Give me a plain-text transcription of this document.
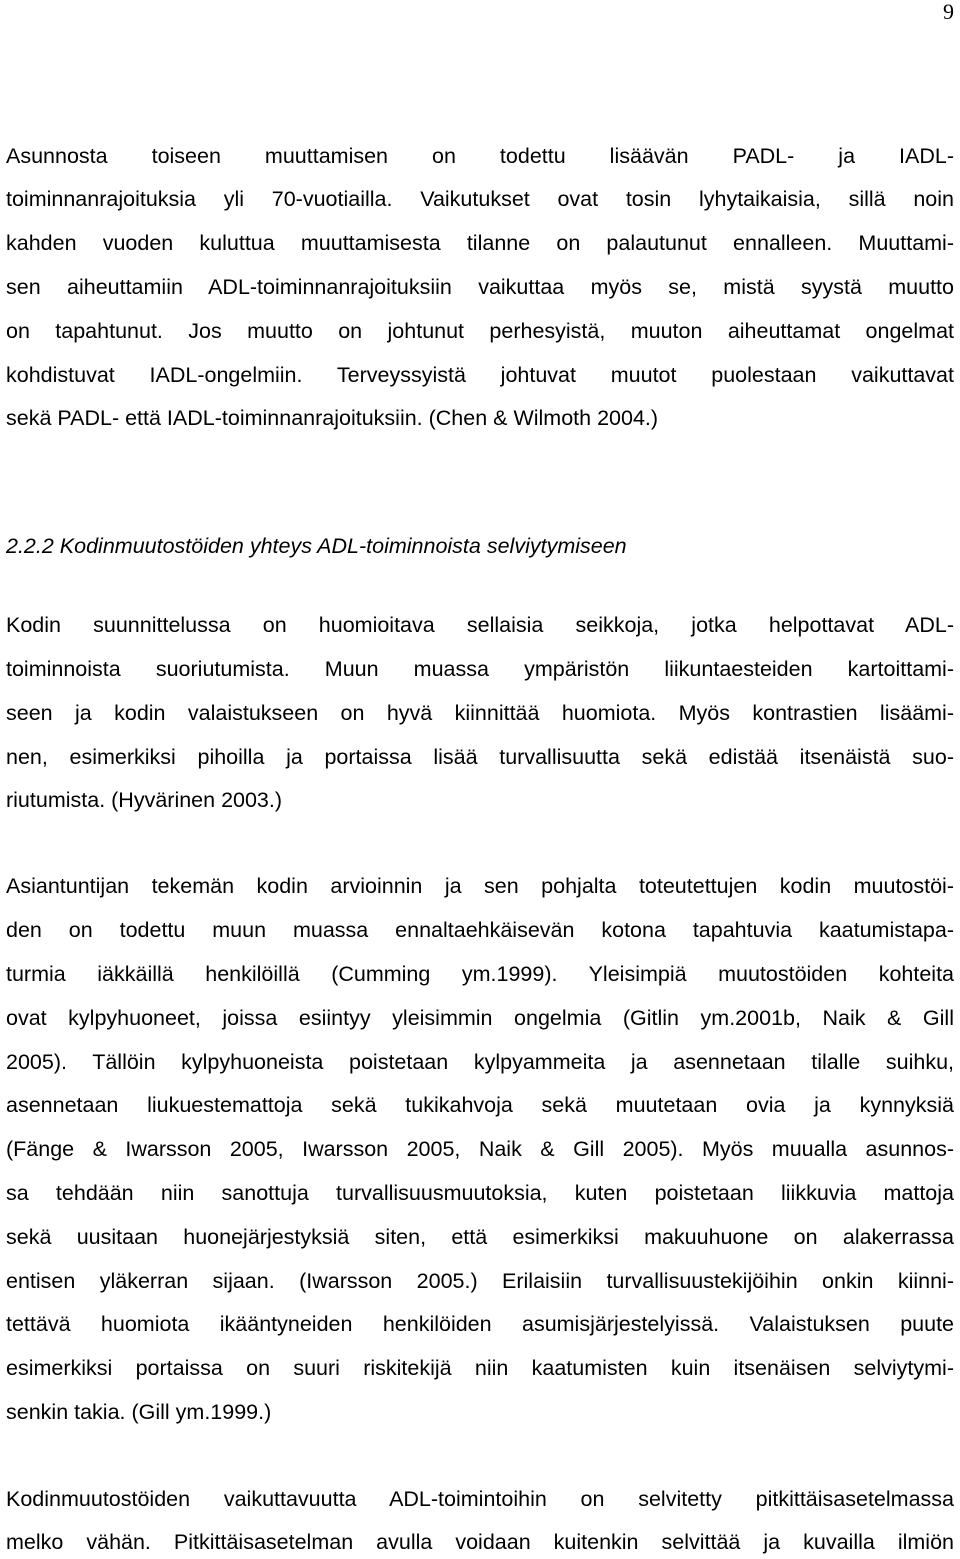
9
Asunnosta toiseen muuttamisen on todettu lisäävän PADL- ja IADL-
toiminnanrajoituksia yli 70-vuotiailla. Vaikutukset ovat tosin lyhytaikaisia, sillä noin
kahden vuoden kuluttua muuttamisesta tilanne on palautunut ennalleen. Muuttami-
sen aiheuttamiin ADL-toiminnanrajoituksiin vaikuttaa myös se, mistä syystä muutto
on tapahtunut. Jos muutto on johtunut perhesyistä, muuton aiheuttamat ongelmat
kohdistuvat IADL-ongelmiin. Terveyssyistä johtuvat muutot puolestaan vaikuttavat
sekä PADL- että IADL-toiminnanrajoituksiin. (Chen & Wilmoth 2004.)
2.2.2 Kodinmuutostöiden yhteys ADL-toiminnoista selviytymiseen
Kodin suunnittelussa on huomioitava sellaisia seikkoja, jotka helpottavat ADL-
toiminnoista suoriutumista. Muun muassa ympäristön liikuntaesteiden kartoittami-
seen ja kodin valaistukseen on hyvä kiinnittää huomiota. Myös kontrastien lisäämi-
nen, esimerkiksi pihoilla ja portaissa lisää turvallisuutta sekä edistää itsenäistä suo-
riutumista. (Hyvärinen 2003.)
Asiantuntijan tekemän kodin arvioinnin ja sen pohjalta toteutettujen kodin muutostöi-
den on todettu muun muassa ennaltaehkäisevän kotona tapahtuvia kaatumistapa-
turmia iäkkäillä henkilöillä (Cumming ym.1999). Yleisimpiä muutostöiden kohteita
ovat kylpyhuoneet, joissa esiintyy yleisimmin ongelmia (Gitlin ym.2001b, Naik & Gill
2005). Tällöin kylpyhuoneista poistetaan kylpyammeita ja asennetaan tilalle suihku,
asennetaan liukuestemattoja sekä tukikahvoja sekä muutetaan ovia ja kynnyksiä
(Fänge & Iwarsson 2005, Iwarsson 2005, Naik & Gill 2005). Myös muualla asunnos-
sa tehdään niin sanottuja turvallisuusmuutoksia, kuten poistetaan liikkuvia mattoja
sekä uusitaan huonejärjestyksiä siten, että esimerkiksi makuuhuone on alakerrassa
entisen yläkerran sijaan. (Iwarsson 2005.) Erilaisiin turvallisuustekijöihin onkin kiinni-
tettävä huomiota ikääntyneiden henkilöiden asumisjärjestelyissä. Valaistuksen puute
esimerkiksi portaissa on suuri riskitekijä niin kaatumisten kuin itsenäisen selviytymi-
senkin takia. (Gill ym.1999.)
Kodinmuutostöiden vaikuttavuutta ADL-toimintoihin on selvitetty pitkittäisasetelmassa
melko vähän. Pitkittäisasetelman avulla voidaan kuitenkin selvittää ja kuvailla ilmiön
